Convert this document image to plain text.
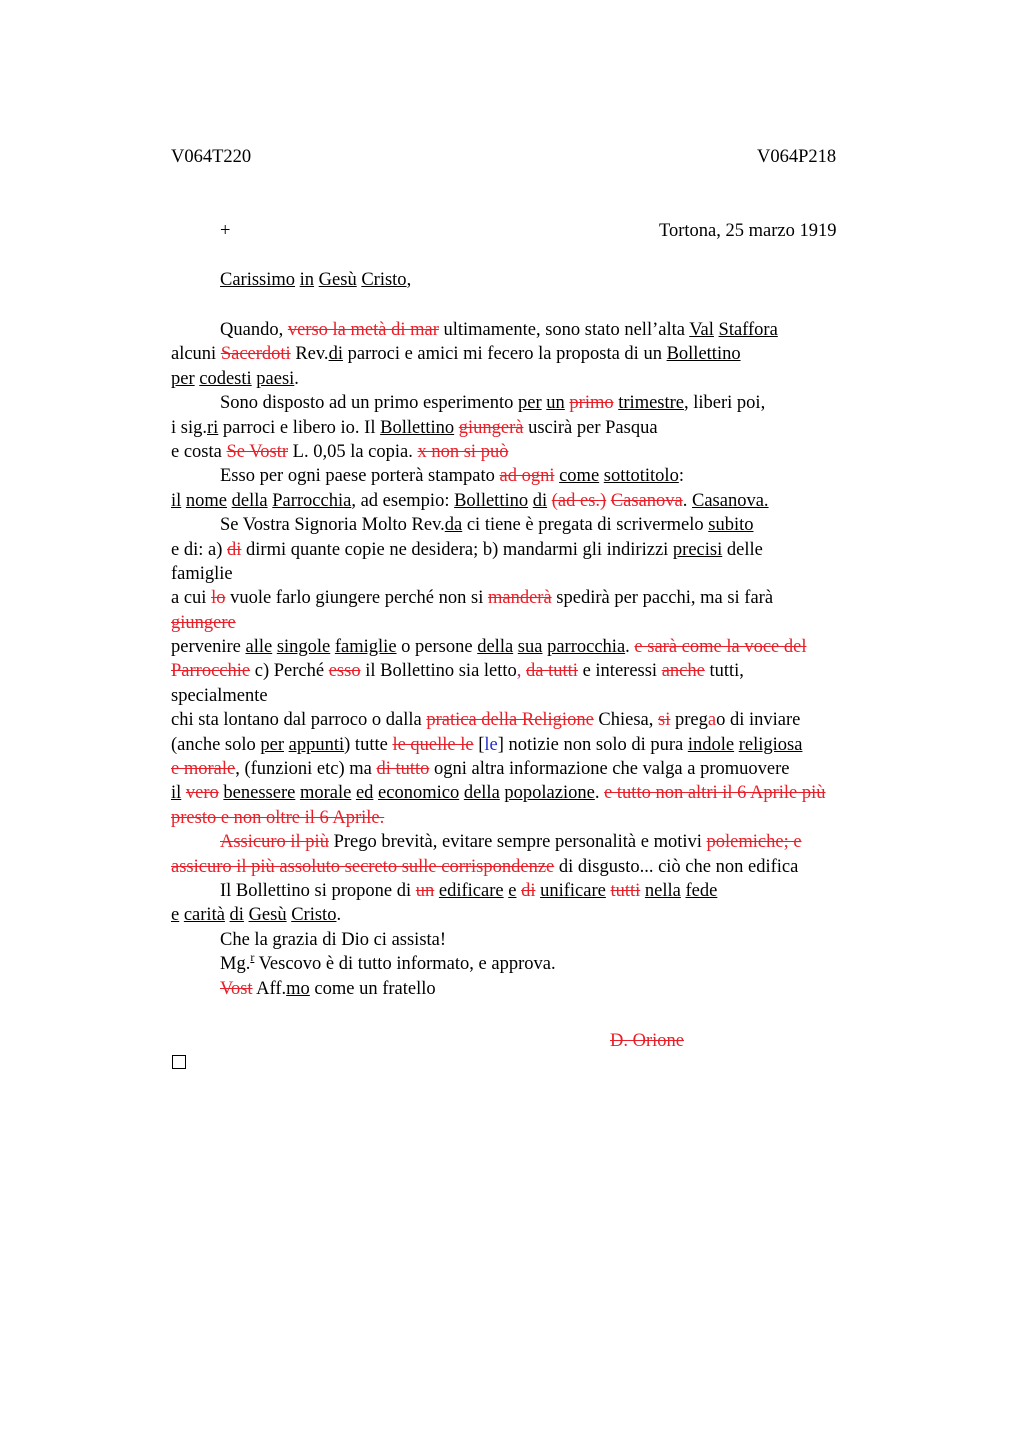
V064T220	V064P218
+	Tortona, 25 marzo 1919
Carissimo in Gesù Cristo,
Quando, verso la metà di mar ultimamente, sono stato nell’alta Val Staffora
alcuni Sacerdoti Rev.di parroci e amici mi fecero la proposta di un Bollettino
per codesti paesi.
Sono disposto ad un primo esperimento per un primo trimestre, liberi poi,
i sig.ri parroci e libero io. Il Bollettino giungerà uscirà per Pasqua
e costa Se Vostr L. 0,05 la copia. x non si può
Esso per ogni paese porterà stampato ad ogni come sottotitolo:
il nome della Parrocchia, ad esempio: Bollettino di (ad es.) Casanova. Casanova.
Se Vostra Signoria Molto Rev.da ci tiene è pregata di scrivermelo subito
e di: a) di dirmi quante copie ne desidera; b) mandarmi gli indirizzi precisi delle
famiglie
a cui lo vuole farlo giungere perché non si manderà spedirà per pacchi, ma si farà
giungere
pervenire alle singole famiglie o persone della sua parrocchia. e sarà come la voce del
Parrocchie c) Perché esso il Bollettino sia letto, da tutti e interessi anche tutti,
specialmente
chi sta lontano dal parroco o dalla pratica della Religione Chiesa, si pregao di inviare
(anche solo per appunti) tutte le quelle le [le] notizie non solo di pura indole religiosa
e morale, (funzioni etc) ma di tutto ogni altra informazione che valga a promuovere
il vero benessere morale ed economico della popolazione. e tutto non altri il 6 Aprile più
presto e non oltre il 6 Aprile.
Assicuro il più Prego brevità, evitare sempre personalità e motivi polemiche; e
assicuro il più assoluto secreto sulle corrispondenze di disgusto... ciò che non edifica
Il Bollettino si propone di un edificare e di unificare tutti nella fede
e carità di Gesù Cristo.
Che la grazia di Dio ci assista!
Mg.$^r$ Vescovo è di tutto informato, e approva.
Vost Aff.mo come un fratello
D. Orione
